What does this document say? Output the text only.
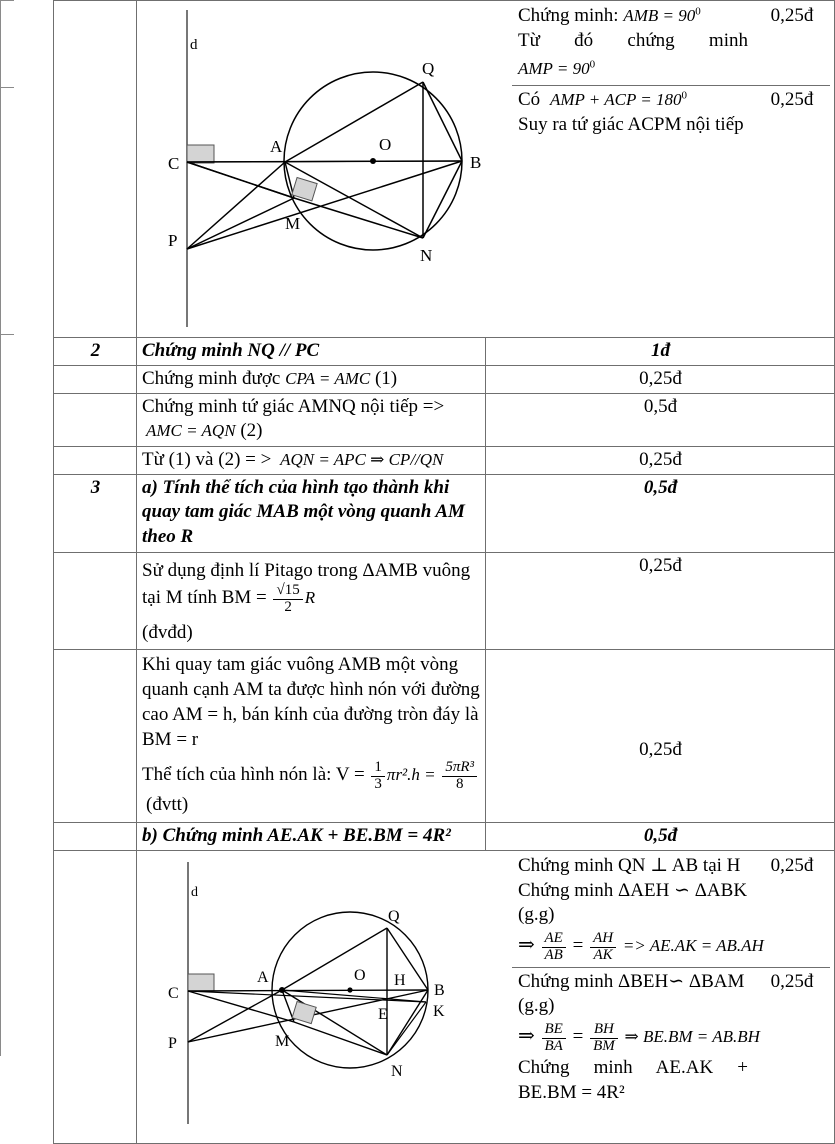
d
C
A	O
B
P
M
N
Q

Chứng minh: AMB = $90^0$
Từ đó chứng minh
AMP = $90^0$
	0,25đ

Có AMP + ACP = $180^0$
Suy ra tứ giác ACPM nội tiếp
	0,25đ

2	Chứng minh NQ // PC	1đ
	Chứng minh được CPA = AMC (1)	0,25đ
	Chứng minh tứ giác AMNQ nội tiếp => AMC = AQN (2)	0,5đ
	Từ (1) và (2) = > AQN = APC ⇒ CP//QN	0,25đ
3	a) Tính thể tích của hình tạo thành khi quay tam giác MAB một vòng quanh AM theo R	0,5đ

Sử dụng định lí Pitago trong ΔAMB vuông tại M tính BM = $\frac{√15}{2}$ R
(đvđd)
	0,25đ

Khi quay tam giác vuông AMB một vòng quanh cạnh AM ta được hình nón với đường cao AM = h, bán kính của đường tròn đáy là BM = r
Thể tích của hình nón là: $V = \frac{1}{3} \pi r^2.h = \frac{\text{5πR³}}{8}$
(đvtt)
	0,25đ
	b) Chứng minh AE.AK + BE.BM = 4R²	0,5đ

d
C
A	O H
B
K
E
P	M
N
Q

Chứng minh QN ⊥ AB tại H
Chứng minh ΔAEH ∽ ΔABK
(g.g)
⇒ $\frac{AE}{AB} = \frac{AH}{AK} => AE.AK = AB.AH$
	0,25đ

Chứng minh ΔBEH∽ ΔBAM
(g.g)
⇒ $\frac{BE}{BA} = \frac{BH}{BM}$ ⇒ BE.BM = AB.BH
Chứng minh AE.AK +
BE.BM = 4R²
	0,25đ
